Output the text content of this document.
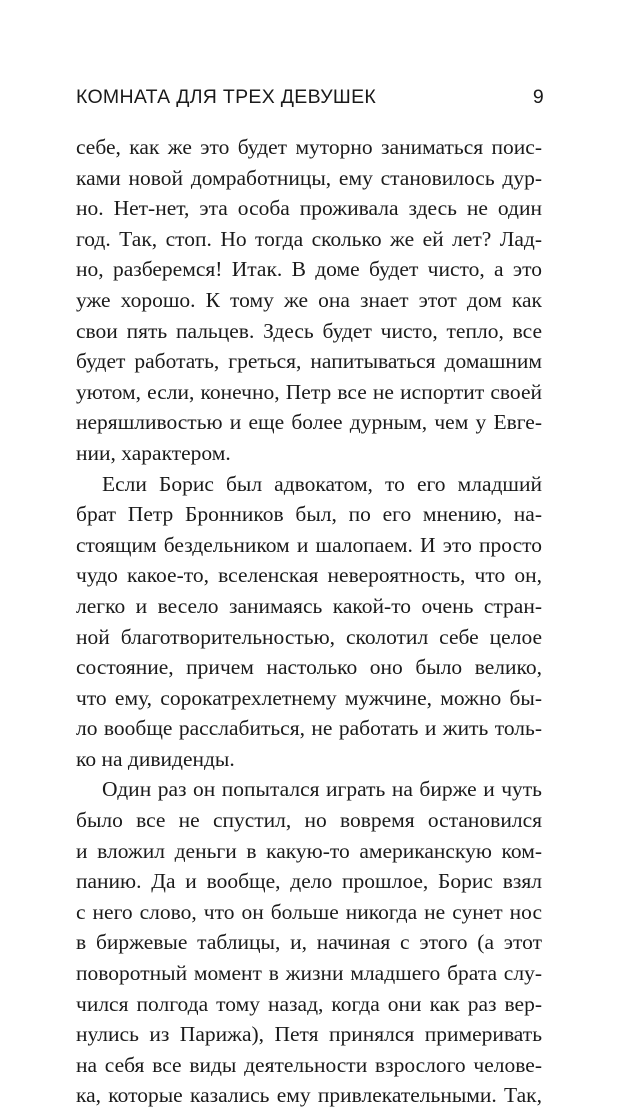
КОМНАТА ДЛЯ ТРЕХ ДЕВУШЕК	9
себе, как же это будет муторно заниматься поис-
ками новой домработницы, ему становилось дур-
но. Нет-нет, эта особа проживала здесь не один
год. Так, стоп. Но тогда сколько же ей лет? Лад-
но, разберемся! Итак. В доме будет чисто, а это
уже хорошо. К тому же она знает этот дом как
свои пять пальцев. Здесь будет чисто, тепло, все
будет работать, греться, напитываться домашним
уютом, если, конечно, Петр все не испортит своей
неряшливостью и еще более дурным, чем у Евге-
нии, характером.
Если Борис был адвокатом, то его младший
брат Петр Бронников был, по его мнению, на-
стоящим бездельником и шалопаем. И это просто
чудо какое-то, вселенская невероятность, что он,
легко и весело занимаясь какой-то очень стран-
ной благотворительностью, сколотил себе целое
состояние, причем настолько оно было велико,
что ему, сорокатрехлетнему мужчине, можно бы-
ло вообще расслабиться, не работать и жить толь-
ко на дивиденды.
Один раз он попытался играть на бирже и чуть
было все не спустил, но вовремя остановился
и вложил деньги в какую-то американскую ком-
панию. Да и вообще, дело прошлое, Борис взял
с него слово, что он больше никогда не сунет нос
в биржевые таблицы, и, начиная с этого (а этот
поворотный момент в жизни младшего брата слу-
чился полгода тому назад, когда они как раз вер-
нулись из Парижа), Петя принялся примеривать
на себя все виды деятельности взрослого челове-
ка, которые казались ему привлекательными. Так,
